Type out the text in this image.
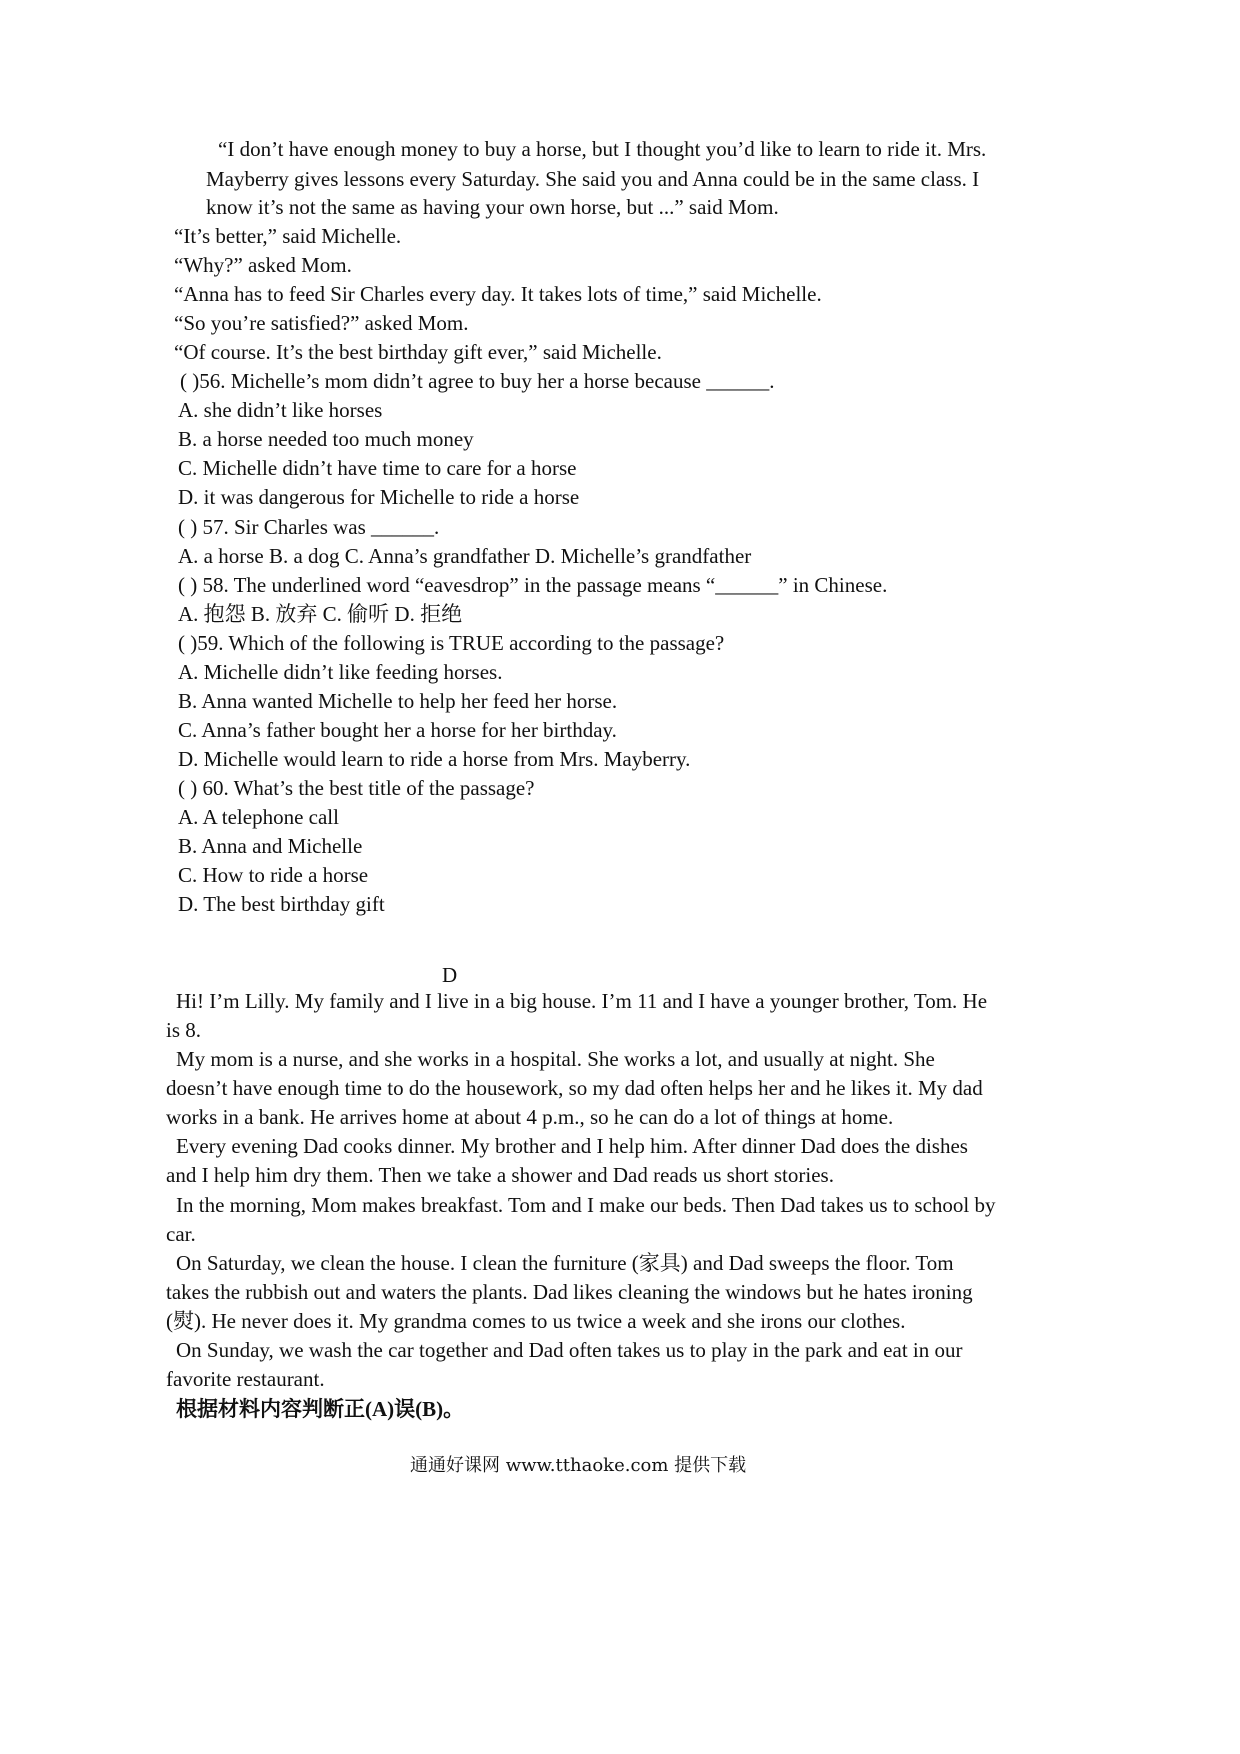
“I don’t have enough money to buy a horse, but I thought you’d like to learn to ride it. Mrs.
Mayberry gives lessons every Saturday. She said you and Anna could be in the same class. I
know it’s not the same as having your own horse, but ...” said Mom.
“It’s better,” said Michelle.
“Why?” asked Mom.
“Anna has to feed Sir Charles every day. It takes lots of time,” said Michelle.
“So you’re satisfied?” asked Mom.
“Of course. It’s the best birthday gift ever,” said Michelle.
( )56. Michelle’s mom didn’t agree to buy her a horse because ______.
A. she didn’t like horses
B. a horse needed too much money
C. Michelle didn’t have time to care for a horse
D. it was dangerous for Michelle to ride a horse
( ) 57. Sir Charles was ______.
A. a horse B. a dog C. Anna’s grandfather D. Michelle’s grandfather
( ) 58. The underlined word “eavesdrop” in the passage means “______” in Chinese.
A. 抱怨 B. 放弃 C. 偷听 D. 拒绝
( )59. Which of the following is TRUE according to the passage?
A. Michelle didn’t like feeding horses.
B. Anna wanted Michelle to help her feed her horse.
C. Anna’s father bought her a horse for her birthday.
D. Michelle would learn to ride a horse from Mrs. Mayberry.
( ) 60. What’s the best title of the passage?
A. A telephone call
B. Anna and Michelle
C. How to ride a horse
D. The best birthday gift
D
Hi! I’m Lilly. My family and I live in a big house. I’m 11 and I have a younger brother, Tom. He
is 8.
My mom is a nurse, and she works in a hospital. She works a lot, and usually at night. She
doesn’t have enough time to do the housework, so my dad often helps her and he likes it. My dad
works in a bank. He arrives home at about 4 p.m., so he can do a lot of things at home.
Every evening Dad cooks dinner. My brother and I help him. After dinner Dad does the dishes
and I help him dry them. Then we take a shower and Dad reads us short stories.
In the morning, Mom makes breakfast. Tom and I make our beds. Then Dad takes us to school by
car.
On Saturday, we clean the house. I clean the furniture (家具) and Dad sweeps the floor. Tom
takes the rubbish out and waters the plants. Dad likes cleaning the windows but he hates ironing
(熨). He never does it. My grandma comes to us twice a week and she irons our clothes.
On Sunday, we wash the car together and Dad often takes us to play in the park and eat in our
favorite restaurant.
根据材料内容判断正(A)误(B)。
通通好课网 www.tthaoke.com 提供下载
